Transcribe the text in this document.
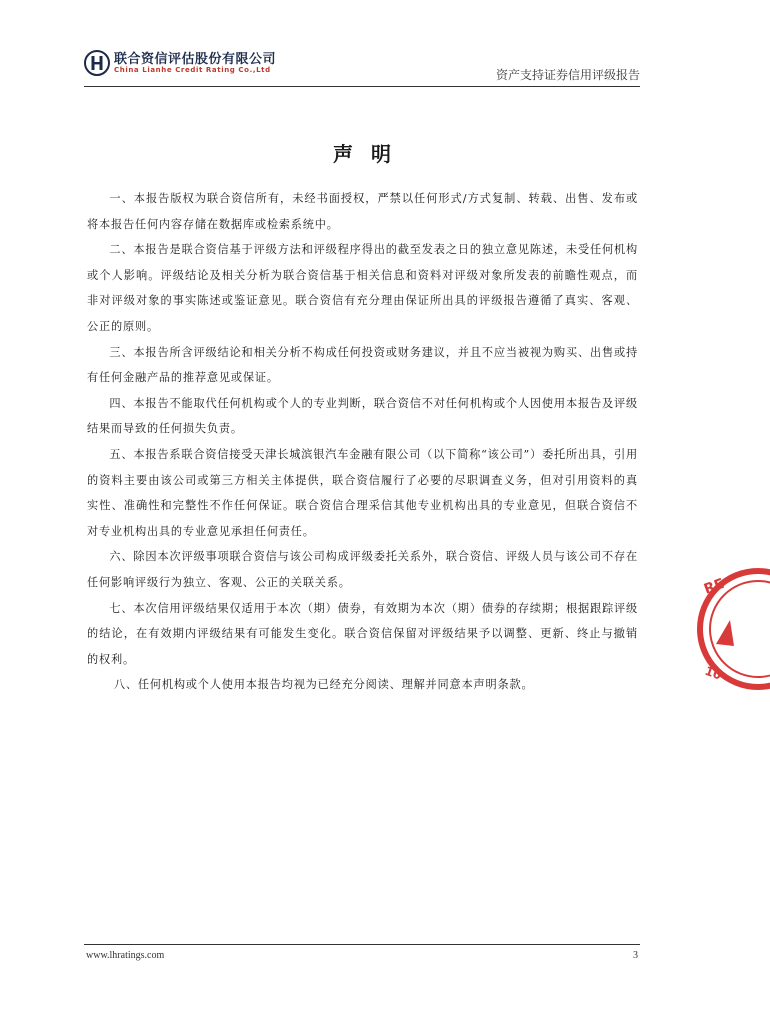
联合资信评估股份有限公司
China Lianhe Credit Rating Co.,Ltd	资产支持证券信用评级报告
声明

一、本报告版权为联合资信所有，未经书面授权，严禁以任何形式/方式复制、转载、出售、发布或将本报告任何内容存储在数据库或检索系统中。

二、本报告是联合资信基于评级方法和评级程序得出的截至发表之日的独立意见陈述，未受任何机构或个人影响。评级结论及相关分析为联合资信基于相关信息和资料对评级对象所发表的前瞻性观点，而非对评级对象的事实陈述或鉴证意见。联合资信有充分理由保证所出具的评级报告遵循了真实、客观、公正的原则。

三、本报告所含评级结论和相关分析不构成任何投资或财务建议，并且不应当被视为购买、出售或持有任何金融产品的推荐意见或保证。

四、本报告不能取代任何机构或个人的专业判断，联合资信不对任何机构或个人因使用本报告及评级结果而导致的任何损失负责。

五、本报告系联合资信接受天津长城滨银汽车金融有限公司（以下简称“该公司”）委托所出具，引用的资料主要由该公司或第三方相关主体提供，联合资信履行了必要的尽职调查义务，但对引用资料的真实性、准确性和完整性不作任何保证。联合资信合理采信其他专业机构出具的专业意见，但联合资信不对专业机构出具的专业意见承担任何责任。

六、除因本次评级事项联合资信与该公司构成评级委托关系外，联合资信、评级人员与该公司不存在任何影响评级行为独立、客观、公正的关联关系。

七、本次信用评级结果仅适用于本次（期）债券，有效期为本次（期）债券的存续期；根据跟踪评级的结论，在有效期内评级结果有可能发生变化。联合资信保留对评级结果予以调整、更新、终止与撤销的权利。

八、任何机构或个人使用本报告均视为已经充分阅读、理解并同意本声明条款。

RE
10
www.lhratings.com	3
